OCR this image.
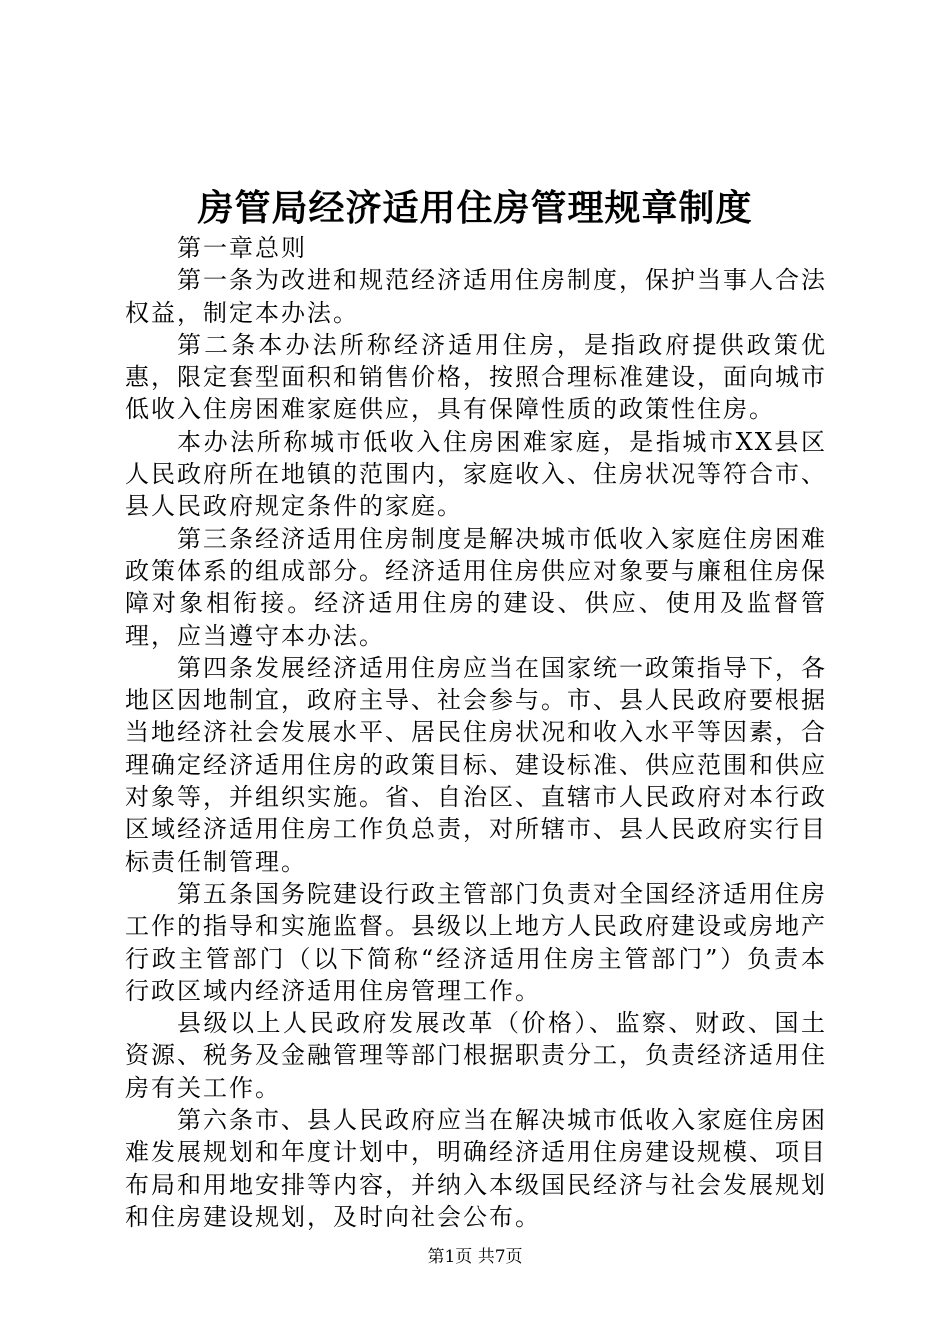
房管局经济适用住房管理规章制度

第一章总则

第一条为改进和规范经济适用住房制度，保护当事人合法权益，制定本办法。

第二条本办法所称经济适用住房，是指政府提供政策优惠，限定套型面积和销售价格，按照合理标准建设，面向城市低收入住房困难家庭供应，具有保障性质的政策性住房。

本办法所称城市低收入住房困难家庭，是指城市XX县区人民政府所在地镇的范围内，家庭收入、住房状况等符合市、县人民政府规定条件的家庭。

第三条经济适用住房制度是解决城市低收入家庭住房困难政策体系的组成部分。经济适用住房供应对象要与廉租住房保障对象相衔接。经济适用住房的建设、供应、使用及监督管理，应当遵守本办法。

第四条发展经济适用住房应当在国家统一政策指导下，各地区因地制宜，政府主导、社会参与。市、县人民政府要根据当地经济社会发展水平、居民住房状况和收入水平等因素，合理确定经济适用住房的政策目标、建设标准、供应范围和供应对象等，并组织实施。省、自治区、直辖市人民政府对本行政区域经济适用住房工作负总责，对所辖市、县人民政府实行目标责任制管理。

第五条国务院建设行政主管部门负责对全国经济适用住房工作的指导和实施监督。县级以上地方人民政府建设或房地产行政主管部门（以下简称“经济适用住房主管部门”）负责本行政区域内经济适用住房管理工作。

县级以上人民政府发展改革（价格）、监察、财政、国土资源、税务及金融管理等部门根据职责分工，负责经济适用住房有关工作。

第六条市、县人民政府应当在解决城市低收入家庭住房困难发展规划和年度计划中，明确经济适用住房建设规模、项目布局和用地安排等内容，并纳入本级国民经济与社会发展规划和住房建设规划，及时向社会公布。

第1页 共7页
